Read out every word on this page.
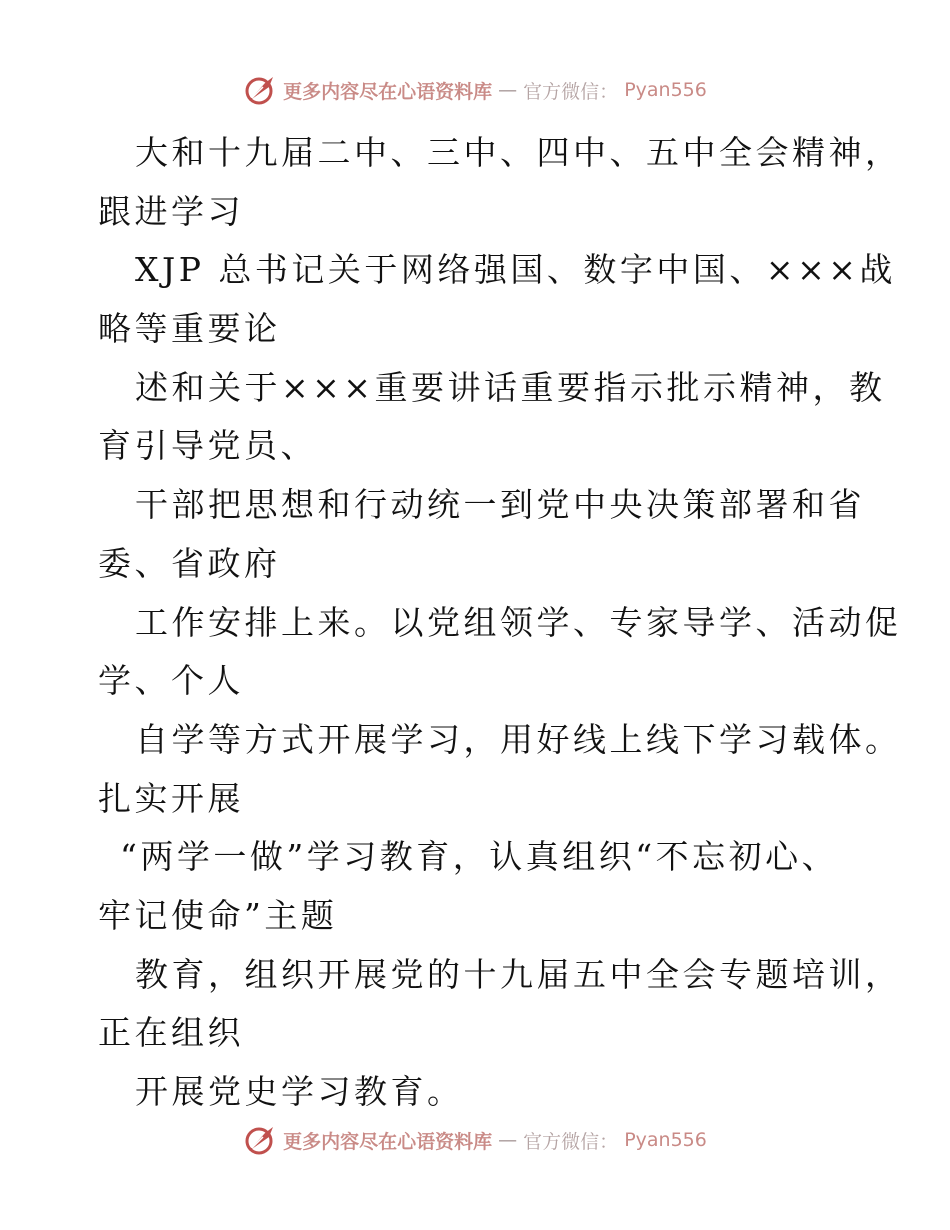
更多内容尽在心语资料库 — 官方微信： Pyan556
大和十九届二中、三中、四中、五中全会精神，
跟进学习
XJP 总书记关于网络强国、数字中国、×××战
略等重要论
述和关于×××重要讲话重要指示批示精神，教
育引导党员、
干部把思想和行动统一到党中央决策部署和省
委、省政府
工作安排上来。以党组领学、专家导学、活动促
学、个人
自学等方式开展学习，用好线上线下学习载体。
扎实开展
“两学一做”学习教育，认真组织“不忘初心、
牢记使命”主题
教育，组织开展党的十九届五中全会专题培训，
正在组织
开展党史学习教育。
更多内容尽在心语资料库 — 官方微信： Pyan556
